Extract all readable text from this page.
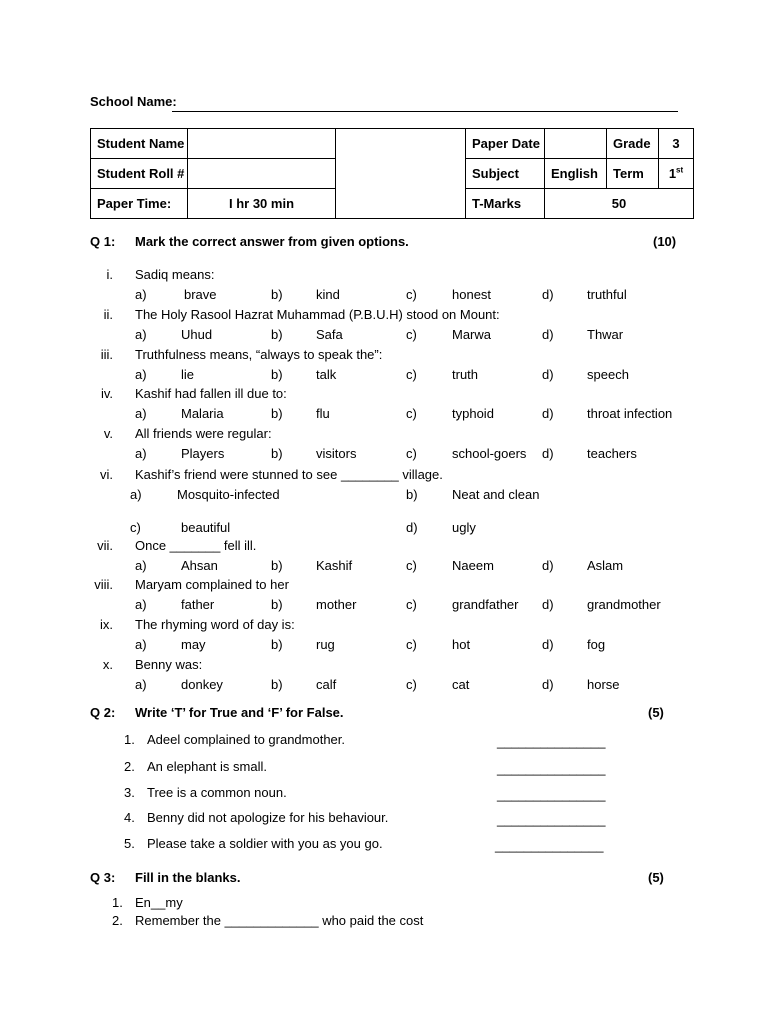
School Name:
Student Name			Paper Date		Grade	3
Student Roll #			Subject	English	Term	1st
Paper Time:	I hr 30 min		T-Marks	50		
Q 1: Mark the correct answer from given options.	(10)
i. Sadiq means:
a)	brave	b)	kind	c)	honest	d)	truthful
ii. The Holy Rasool Hazrat Muhammad (P.B.U.H) stood on Mount:
a)	Uhud	b)	Safa	c)	Marwa	d)	Thwar
iii. Truthfulness means, “always to speak the”:
a)	lie	b)	talk	c)	truth	d)	speech
iv. Kashif had fallen ill due to:
a)	Malaria	b)	flu	c)	typhoid	d)	throat infection
v. All friends were regular:
a)	Players	b)	visitors	c)	school-goers d)	teachers
vi. Kashif’s friend were stunned to see ________ village.
a)	Mosquito-infected	b)	Neat and clean
c)	beautiful	d)	ugly
vii. Once _______ fell ill.
a)	Ahsan	b)	Kashif	c)	Naeem	d)	Aslam
viii. Maryam complained to her
a)	father	b)	mother	c)	grandfather d)	grandmother
ix. The rhyming word of day is:
a)	may	b)	rug	c)	hot	d)	fog
x. Benny was:
a)	donkey	b)	calf	c)	cat	d)	horse
Q 2: Write ‘T’ for True and ‘F’ for False.	(5)
1. Adeel complained to grandmother.	_______________
2. An elephant is small.	_______________
3. Tree is a common noun.	_______________
4. Benny did not apologize for his behaviour.	_______________
5. Please take a soldier with you as you go.	_______________
Q 3: Fill in the blanks.	(5)
1. En__my
2. Remember the _____________ who paid the cost
